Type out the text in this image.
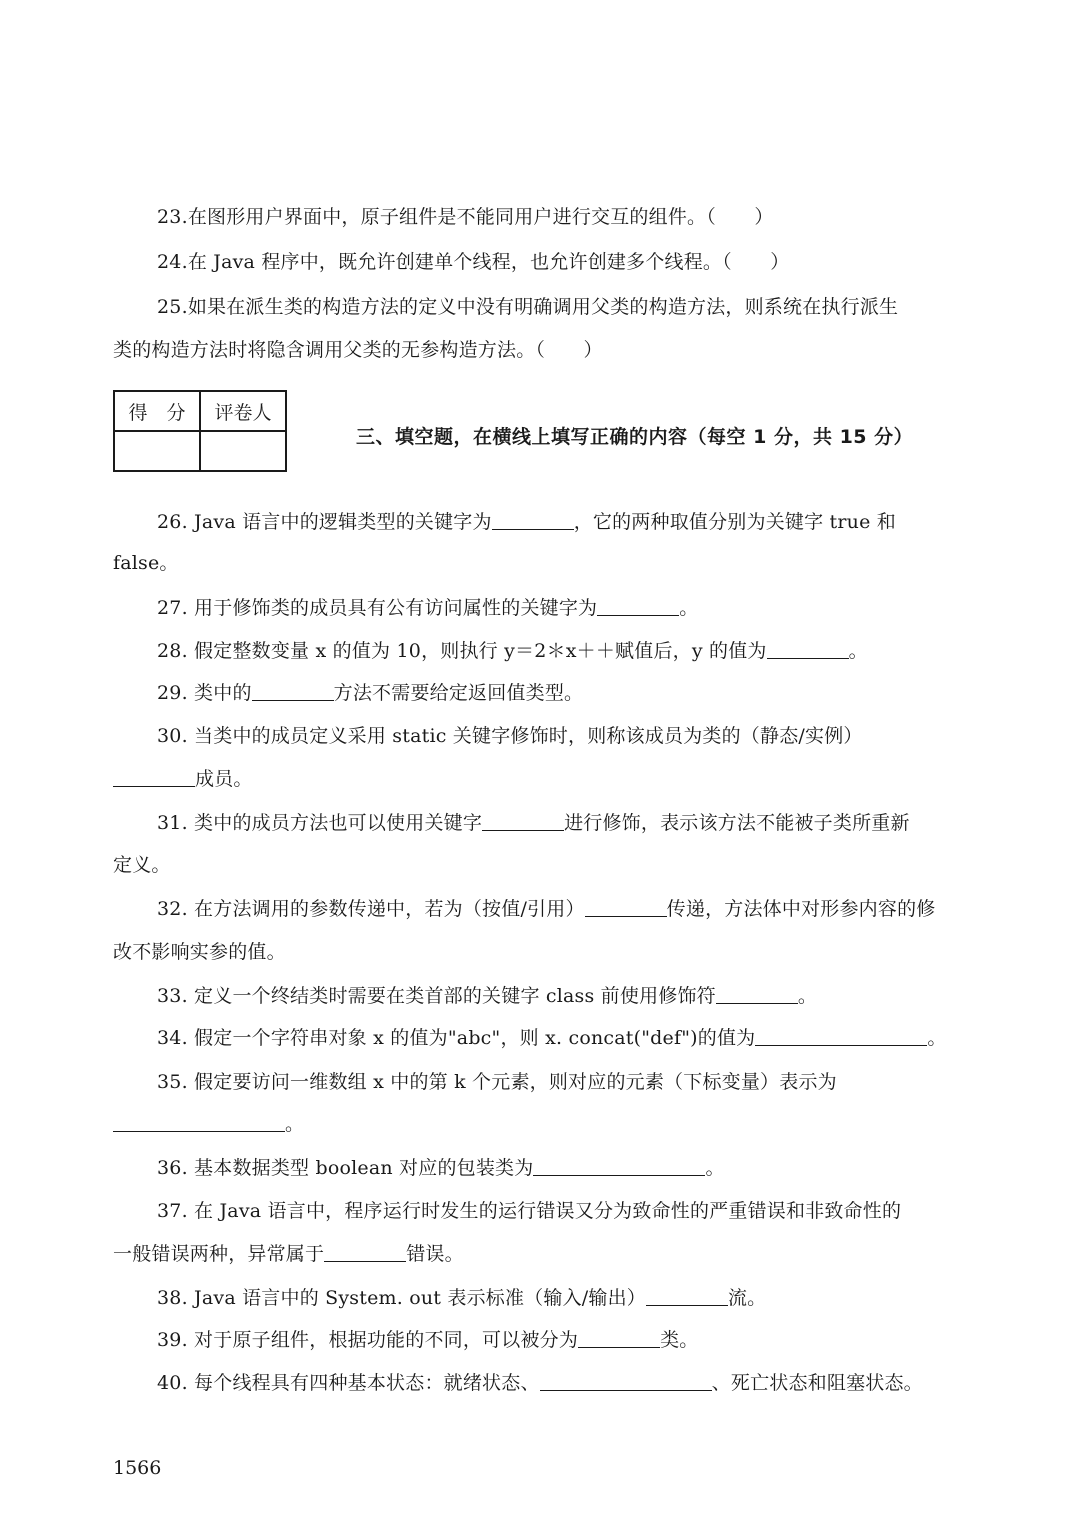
23.在图形用户界面中，原子组件是不能同用户进行交互的组件。（　　）
24.在 Java 程序中，既允许创建单个线程，也允许创建多个线程。（　　）
25.如果在派生类的构造方法的定义中没有明确调用父类的构造方法，则系统在执行派生
类的构造方法时将隐含调用父类的无参构造方法。（　　）
得　分	评卷人

三、填空题，在横线上填写正确的内容（每空 1 分，共 15 分）
26. Java 语言中的逻辑类型的关键字为	，它的两种取值分别为关键字 true 和
false。
27. 用于修饰类的成员具有公有访问属性的关键字为	。
28. 假定整数变量 x 的值为 10，则执行 y＝2＊x＋＋赋值后，y 的值为	。
29. 类中的	方法不需要给定返回值类型。
30. 当类中的成员定义采用 static 关键字修饰时，则称该成员为类的（静态/实例）
成员。
31. 类中的成员方法也可以使用关键字	进行修饰，表示该方法不能被子类所重新
定义。
32. 在方法调用的参数传递中，若为（按值/引用）	传递，方法体中对形参内容的修
改不影响实参的值。
33. 定义一个终结类时需要在类首部的关键字 class 前使用修饰符	。
34. 假定一个字符串对象 x 的值为"abc"，则 x. concat("def")的值为	。
35. 假定要访问一维数组 x 中的第 k 个元素，则对应的元素（下标变量）表示为
。
36. 基本数据类型 boolean 对应的包装类为	。
37. 在 Java 语言中，程序运行时发生的运行错误又分为致命性的严重错误和非致命性的
一般错误两种，异常属于	错误。
38. Java 语言中的 System. out 表示标准（输入/输出）	流。
39. 对于原子组件，根据功能的不同，可以被分为	类。
40. 每个线程具有四种基本状态：就绪状态、	、死亡状态和阻塞状态。
1566
